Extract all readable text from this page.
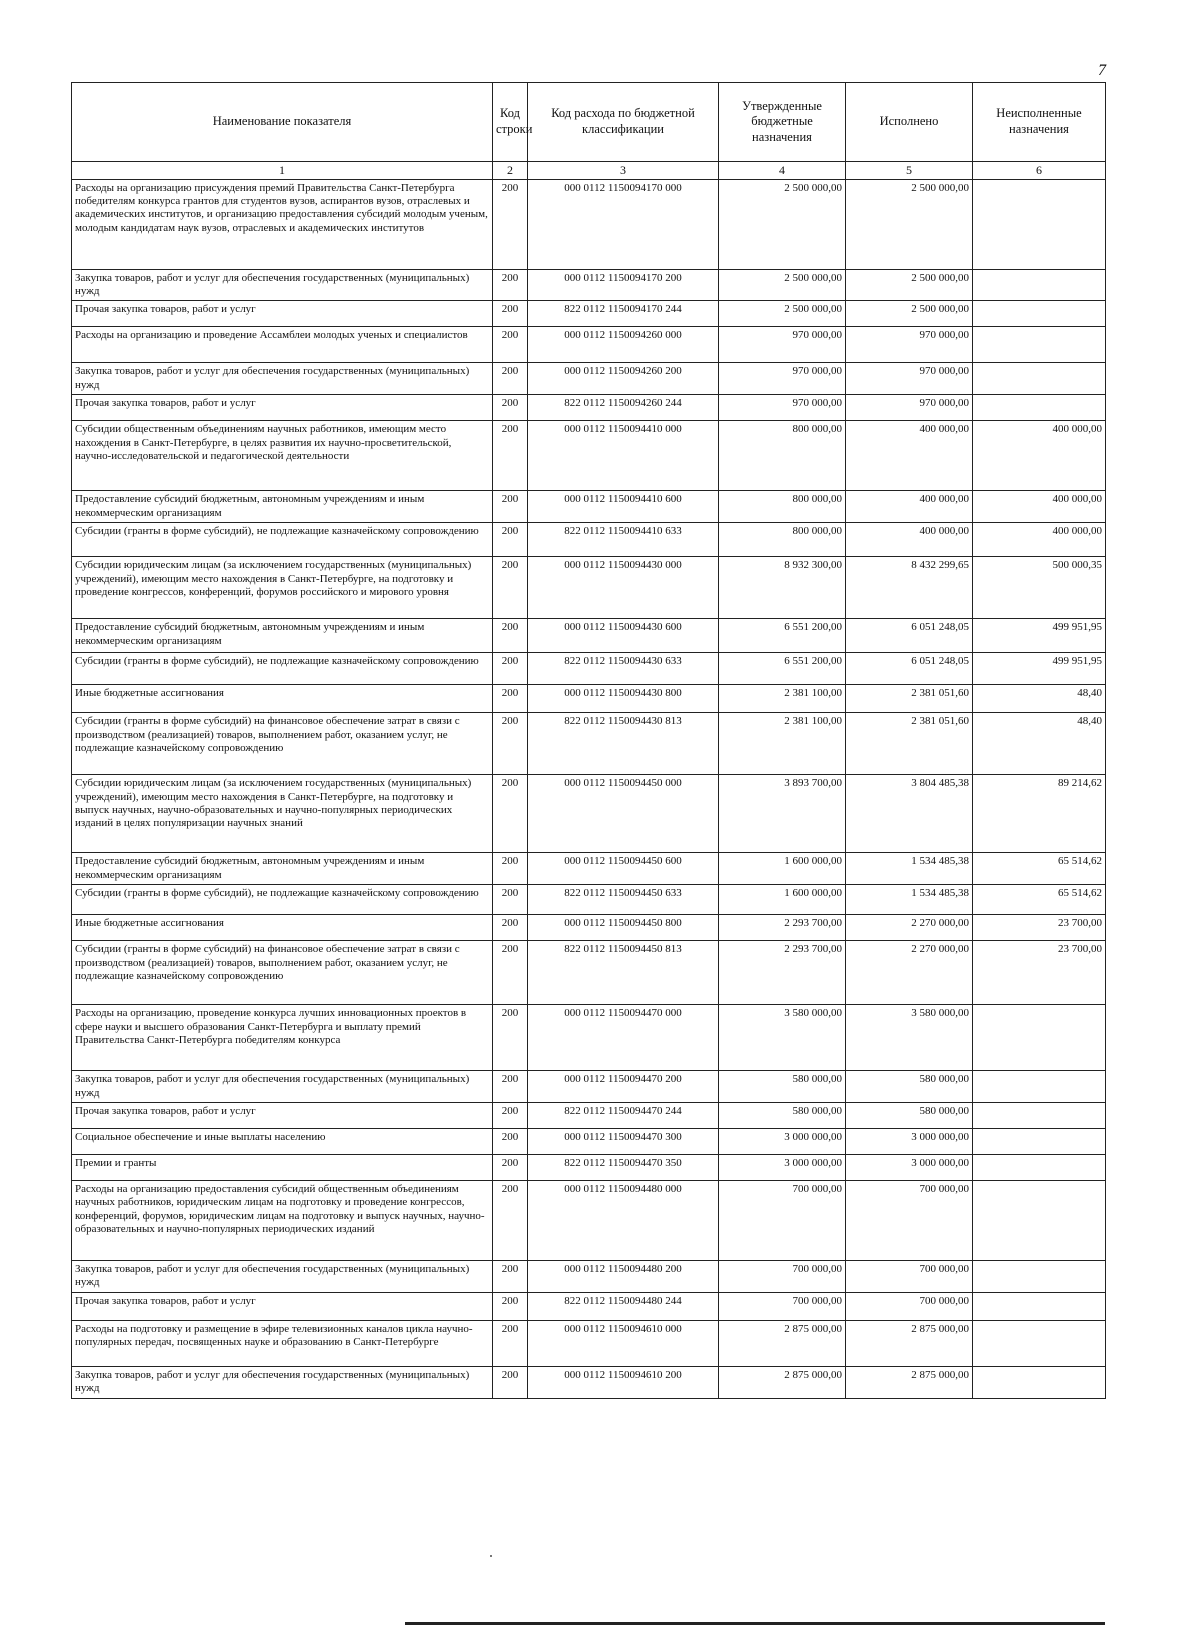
7
Наименование показателя	Код строки	Код расхода по бюджетной классификации	Утвержденные бюджетные назначения	Исполнено	Неисполненные назначения
1	2	3	4	5	6
Расходы на организацию присуждения премий Правительства Санкт-Петербурга победителям конкурса грантов для студентов вузов, аспирантов вузов, отраслевых и академических институтов, и организацию предоставления субсидий молодым ученым, молодым кандидатам наук вузов, отраслевых и академических институтов	200	000 0112 1150094170 000	2 500 000,00	2 500 000,00	
Закупка товаров, работ и услуг для обеспечения государственных (муниципальных) нужд	200	000 0112 1150094170 200	2 500 000,00	2 500 000,00	
Прочая закупка товаров, работ и услуг	200	822 0112 1150094170 244	2 500 000,00	2 500 000,00	
Расходы на организацию и проведение Ассамблеи молодых ученых и специалистов	200	000 0112 1150094260 000	970 000,00	970 000,00	
Закупка товаров, работ и услуг для обеспечения государственных (муниципальных) нужд	200	000 0112 1150094260 200	970 000,00	970 000,00	
Прочая закупка товаров, работ и услуг	200	822 0112 1150094260 244	970 000,00	970 000,00	
Субсидии общественным объединениям научных работников, имеющим место нахождения в Санкт-Петербурге, в целях развития их научно-просветительской, научно-исследовательской и педагогической деятельности	200	000 0112 1150094410 000	800 000,00	400 000,00	400 000,00
Предоставление субсидий бюджетным, автономным учреждениям и иным некоммерческим организациям	200	000 0112 1150094410 600	800 000,00	400 000,00	400 000,00
Субсидии (гранты в форме субсидий), не подлежащие казначейскому сопровождению	200	822 0112 1150094410 633	800 000,00	400 000,00	400 000,00
Субсидии юридическим лицам (за исключением государственных (муниципальных) учреждений), имеющим место нахождения в Санкт-Петербурге, на подготовку и проведение конгрессов, конференций, форумов российского и мирового уровня	200	000 0112 1150094430 000	8 932 300,00	8 432 299,65	500 000,35
Предоставление субсидий бюджетным, автономным учреждениям и иным некоммерческим организациям	200	000 0112 1150094430 600	6 551 200,00	6 051 248,05	499 951,95
Субсидии (гранты в форме субсидий), не подлежащие казначейскому сопровождению	200	822 0112 1150094430 633	6 551 200,00	6 051 248,05	499 951,95
Иные бюджетные ассигнования	200	000 0112 1150094430 800	2 381 100,00	2 381 051,60	48,40
Субсидии (гранты в форме субсидий) на финансовое обеспечение затрат в связи с производством (реализацией) товаров, выполнением работ, оказанием услуг, не подлежащие казначейскому сопровождению	200	822 0112 1150094430 813	2 381 100,00	2 381 051,60	48,40
Субсидии юридическим лицам (за исключением государственных (муниципальных) учреждений), имеющим место нахождения в Санкт-Петербурге, на подготовку и выпуск научных, научно-образовательных и научно-популярных периодических изданий в целях популяризации научных знаний	200	000 0112 1150094450 000	3 893 700,00	3 804 485,38	89 214,62
Предоставление субсидий бюджетным, автономным учреждениям и иным некоммерческим организациям	200	000 0112 1150094450 600	1 600 000,00	1 534 485,38	65 514,62
Субсидии (гранты в форме субсидий), не подлежащие казначейскому сопровождению	200	822 0112 1150094450 633	1 600 000,00	1 534 485,38	65 514,62
Иные бюджетные ассигнования	200	000 0112 1150094450 800	2 293 700,00	2 270 000,00	23 700,00
Субсидии (гранты в форме субсидий) на финансовое обеспечение затрат в связи с производством (реализацией) товаров, выполнением работ, оказанием услуг, не подлежащие казначейскому сопровождению	200	822 0112 1150094450 813	2 293 700,00	2 270 000,00	23 700,00
Расходы на организацию, проведение конкурса лучших инновационных проектов в сфере науки и высшего образования Санкт-Петербурга и выплату премий Правительства Санкт-Петербурга победителям конкурса	200	000 0112 1150094470 000	3 580 000,00	3 580 000,00	
Закупка товаров, работ и услуг для обеспечения государственных (муниципальных) нужд	200	000 0112 1150094470 200	580 000,00	580 000,00	
Прочая закупка товаров, работ и услуг	200	822 0112 1150094470 244	580 000,00	580 000,00	
Социальное обеспечение и иные выплаты населению	200	000 0112 1150094470 300	3 000 000,00	3 000 000,00	
Премии и гранты	200	822 0112 1150094470 350	3 000 000,00	3 000 000,00	
Расходы на организацию предоставления субсидий общественным объединениям научных работников, юридическим лицам на подготовку и проведение конгрессов, конференций, форумов, юридическим лицам на подготовку и выпуск научных, научно-образовательных и научно-популярных периодических изданий	200	000 0112 1150094480 000	700 000,00	700 000,00	
Закупка товаров, работ и услуг для обеспечения государственных (муниципальных) нужд	200	000 0112 1150094480 200	700 000,00	700 000,00	
Прочая закупка товаров, работ и услуг	200	822 0112 1150094480 244	700 000,00	700 000,00	
Расходы на подготовку и размещение в эфире телевизионных каналов цикла научно-популярных передач, посвященных науке и образованию в Санкт-Петербурге	200	000 0112 1150094610 000	2 875 000,00	2 875 000,00	
Закупка товаров, работ и услуг для обеспечения государственных (муниципальных) нужд	200	000 0112 1150094610 200	2 875 000,00	2 875 000,00	
